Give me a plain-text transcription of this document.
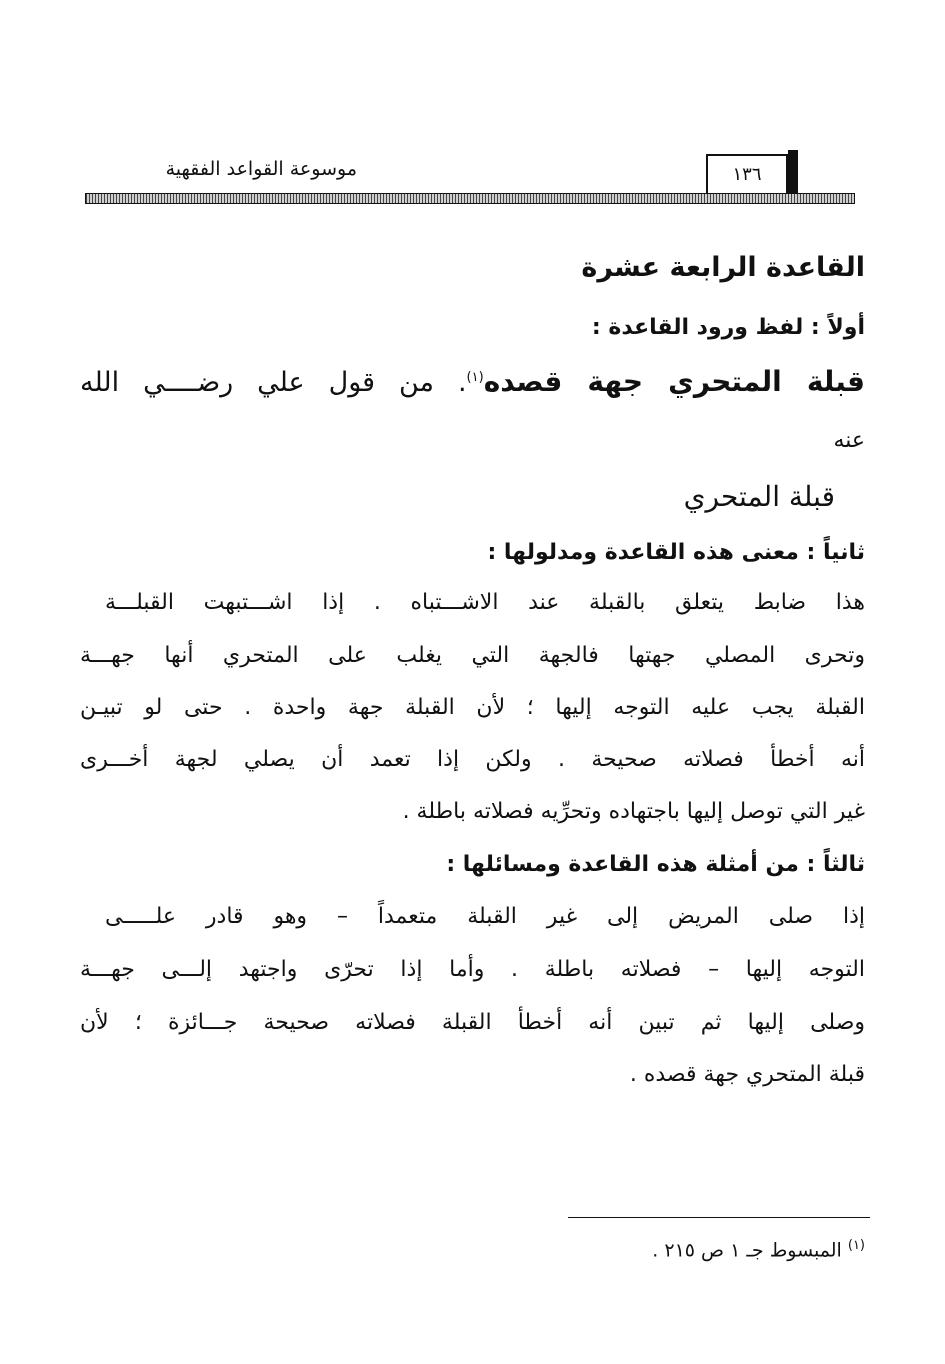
موسوعة القواعد الفقهية	١٣٦
القاعدة الرابعة عشرة
أولاً : لفظ ورود القاعدة :
قبلة المتحري جهة قصده$^{(١)}$. من قول علي رضــــي الله
عنه
قبلة المتحري
ثانياً : معنى هذه القاعدة ومدلولها :
هذا ضابط يتعلق بالقبلة عند الاشـــتباه . إذا اشـــتبهت القبلـــة
وتحرى المصلي جهتها فالجهة التي يغلب على المتحري أنها جهـــة
القبلة يجب عليه التوجه إليها ؛ لأن القبلة جهة واحدة . حتى لو تبيـن
أنه أخطأ فصلاته صحيحة . ولكن إذا تعمد أن يصلي لجهة أخـــرى
غير التي توصل إليها باجتهاده وتحرِّيه فصلاته باطلة .
ثالثاً : من أمثلة هذه القاعدة ومسائلها :
إذا صلى المريض إلى غير القبلة متعمداً – وهو قادر علـــــى
التوجه إليها – فصلاته باطلة . وأما إذا تحرّى واجتهد إلـــى جهـــة
وصلى إليها ثم تبين أنه أخطأ القبلة فصلاته صحيحة جـــائزة ؛ لأن
قبلة المتحري جهة قصده .
$^{(١)}$ المبسوط جـ ١ ص ٢١٥ .
